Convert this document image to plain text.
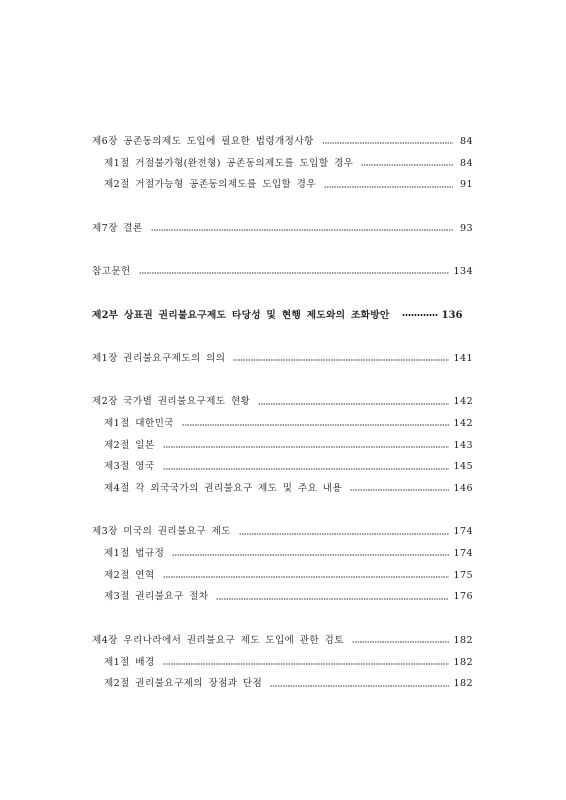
제6장 공존동의제도 도입에 필요한 법령개정사항	84
제1절 거절불가형(완전형) 공존동의제도를 도입할 경우	84
제2절 거절가능형 공존동의제도를 도입할 경우	91
제7장 결론	93
참고문헌	134
제2부 상표권 권리불요구제도 타당성 및 현행 제도와의 조화방안	136
제1장 권리불요구제도의 의의	141
제2장 국가별 권리불요구제도 현황	142
제1절 대한민국	142
제2절 일본	143
제3절 영국	145
제4절 각 외국국가의 권리불요구 제도 및 주요 내용	146
제3장 미국의 권리불요구 제도	174
제1절 법규정	174
제2절 연혁	175
제3절 권리불요구 절차	176
제4장 우리나라에서 권리불요구 제도 도입에 관한 검토	182
제1절 배경	182
제2절 권리불요구제의 장점과 단점	182
